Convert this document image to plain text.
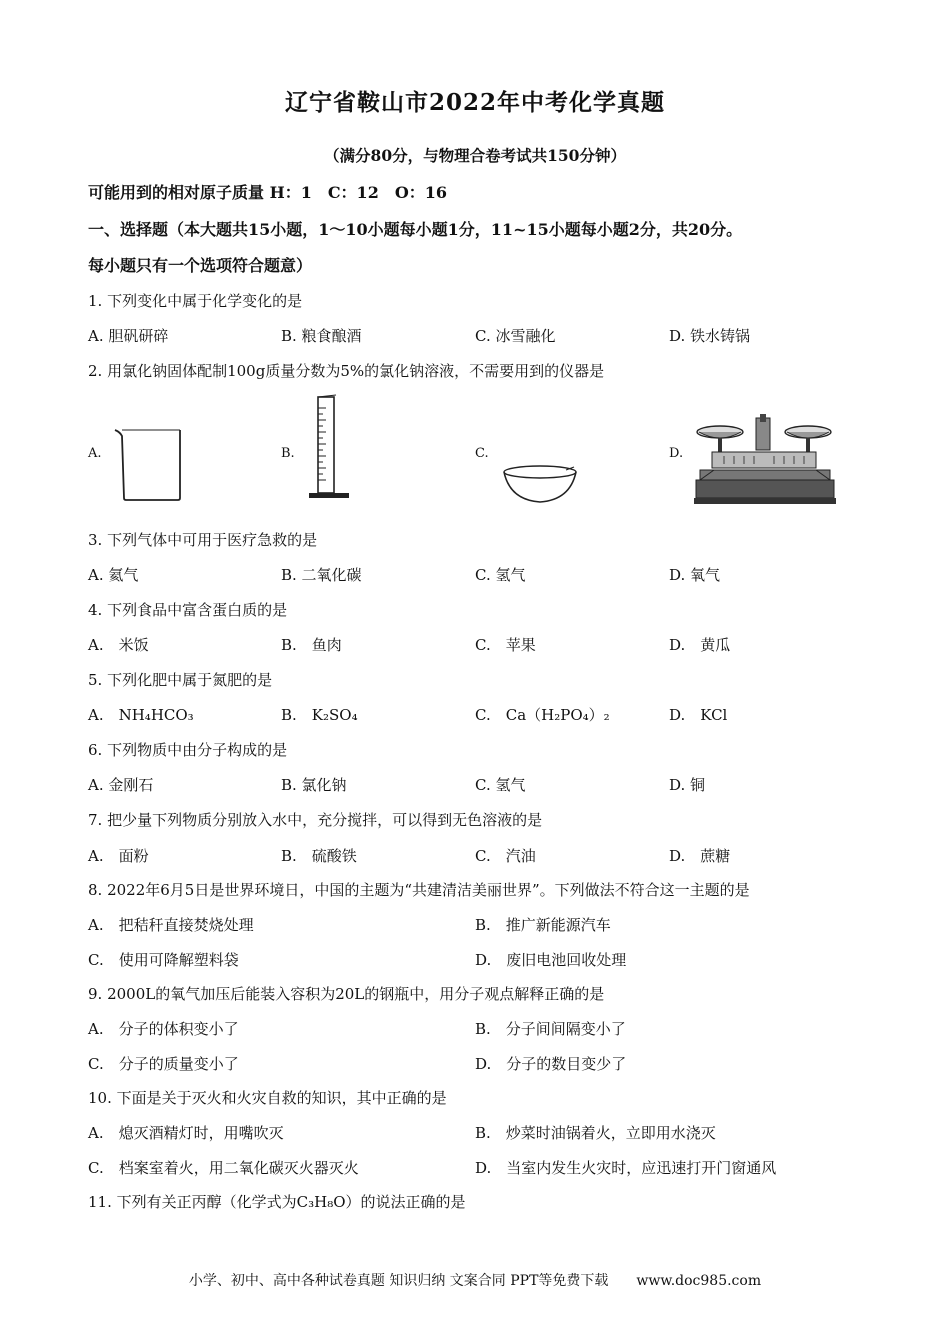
辽宁省鞍山市2022年中考化学真题
（满分80分，与物理合卷考试共150分钟）
可能用到的相对原子质量 H：1　C：12　O：16
一、选择题（本大题共15小题，1～10小题每小题1分，11~15小题每小题2分，共20分。
每小题只有一个选项符合题意）
1. 下列变化中属于化学变化的是
A. 胆矾研碎	B. 粮食酿酒	C. 冰雪融化	D. 铁水铸锅
2. 用氯化钠固体配制100g质量分数为5%的氯化钠溶液，不需要用到的仪器是
A.	B.	C.	D.
3. 下列气体中可用于医疗急救的是
A. 氦气	B. 二氧化碳	C. 氢气	D. 氧气
4. 下列食品中富含蛋白质的是
A.　米饭	B.　鱼肉	C.　苹果	D.　黄瓜
5. 下列化肥中属于氮肥的是
A.　NH₄HCO₃	B.　K₂SO₄	C.　Ca（H₂PO₄）₂	D.　KCl
6. 下列物质中由分子构成的是
A. 金刚石	B. 氯化钠	C. 氢气	D. 铜
7. 把少量下列物质分别放入水中，充分搅拌，可以得到无色溶液的是
A.　面粉	B.　硫酸铁	C.　汽油	D.　蔗糖
8. 2022年6月5日是世界环境日，中国的主题为“共建清洁美丽世界”。下列做法不符合这一主题的是
A.　把秸秆直接焚烧处理	B.　推广新能源汽车
C.　使用可降解塑料袋	D.　废旧电池回收处理
9. 2000L的氧气加压后能装入容积为20L的钢瓶中，用分子观点解释正确的是
A.　分子的体积变小了	B.　分子间间隔变小了
C.　分子的质量变小了	D.　分子的数目变少了
10. 下面是关于灭火和火灾自救的知识，其中正确的是
A.　熄灭酒精灯时，用嘴吹灭	B.　炒菜时油锅着火，立即用水浇灭
C.　档案室着火，用二氧化碳灭火器灭火	D.　当室内发生火灾时，应迅速打开门窗通风
11. 下列有关正丙醇（化学式为C₃H₈O）的说法正确的是
小学、初中、高中各种试卷真题 知识归纳 文案合同 PPT等免费下载　　www.doc985.com
